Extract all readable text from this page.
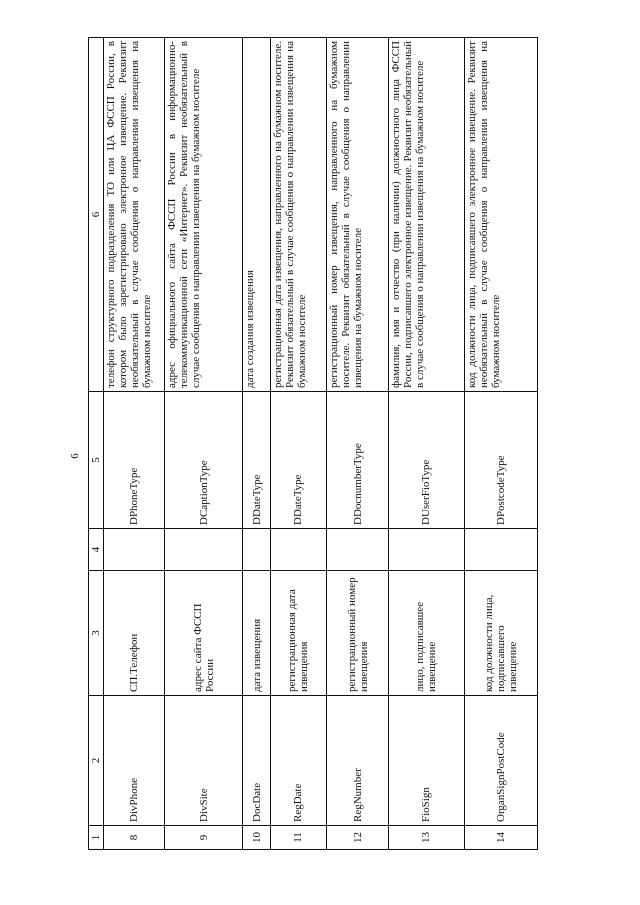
6
1	2	3	4	5	6
8	DivPhone	СП.Телефон		DPhoneType	телефон структурного подразделения ТО или ЦА ФССП России, в котором было зарегистрировано электронное извещение. Реквизит необязательный в случае сообщения о направлении извещения на бумажном носителе
9	DivSite	адрес сайта ФССП России		DCaptionType	адрес официального сайта ФССП России в информационно-телекоммуникационной сети «Интернет». Реквизит необязательный в случае сообщения о направлении извещения на бумажном носителе
10	DocDate	дата извещения		DDateType	дата создания извещения
11	RegDate	регистрационная дата извещения		DDateType	регистрационная дата извещения, направленного на бумажном носителе. Реквизит обязательный в случае сообщения о направлении извещения на бумажном носителе
12	RegNumber	регистрационный номер извещения		DDocnumberType	регистрационный номер извещения, направленного на бумажном носителе. Реквизит обязательный в случае сообщения о направлении извещения на бумажном носителе
13	FioSign	лицо, подписавшее извещение		DUserFioType	фамилия, имя и отчество (при наличии) должностного лица ФССП России, подписавшего электронное извещение. Реквизит необязательный в случае сообщения о направлении извещения на бумажном носителе
14	OrganSignPostCode	код должности лица, подписавшего извещение		DPostcodeType	код должности лица, подписавшего электронное извещение. Реквизит необязательный в случае сообщения о направлении извещения на бумажном носителе
